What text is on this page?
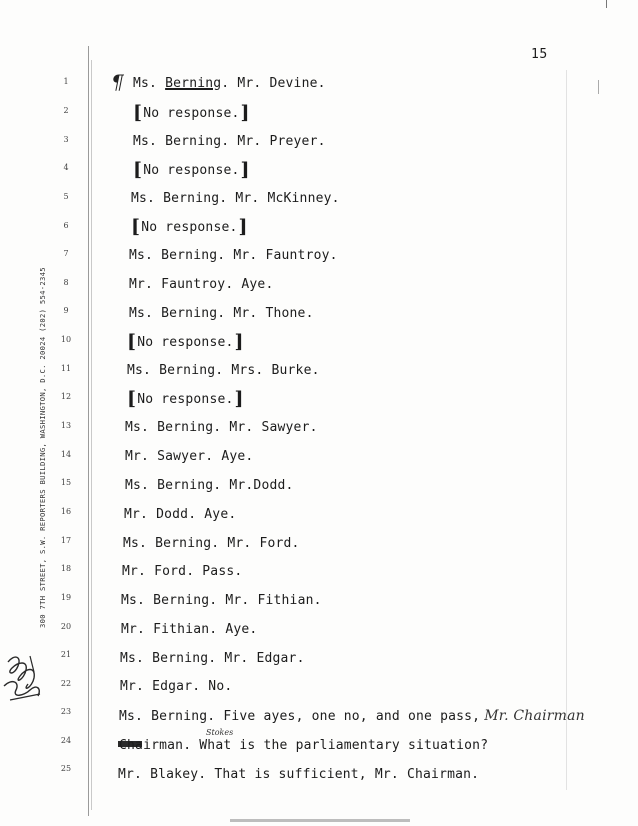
15
300 7TH STREET, S.W. REPORTERS BUILDING, WASHINGTON, D.C. 20024 (202) 554-2345
¶
1
2
3
4
5
6
7
8
9
10
11
12
13
14
15
16
17
18
19
20
21
22
23
24
25
Ms. Berning. Mr. Devine.
[No response.]
Ms. Berning. Mr. Preyer.
[No response.]
Ms. Berning. Mr. McKinney.
[No response.]
Ms. Berning. Mr. Fauntroy.
Mr. Fauntroy. Aye.
Ms. Berning. Mr. Thone.
[No response.]
Ms. Berning. Mrs. Burke.
[No response.]
Ms. Berning. Mr. Sawyer.
Mr. Sawyer. Aye.
Ms. Berning. Mr.Dodd.
Mr. Dodd. Aye.
Ms. Berning. Mr. Ford.
Mr. Ford. Pass.
Ms. Berning. Mr. Fithian.
Mr. Fithian. Aye.
Ms. Berning. Mr. Edgar.
Mr. Edgar. No.
Ms. Berning. Five ayes, one no, and one pass, Mr. Chairman
Stokes
Chairman. What is the parliamentary situation?
Mr. Blakey. That is sufficient, Mr. Chairman.
